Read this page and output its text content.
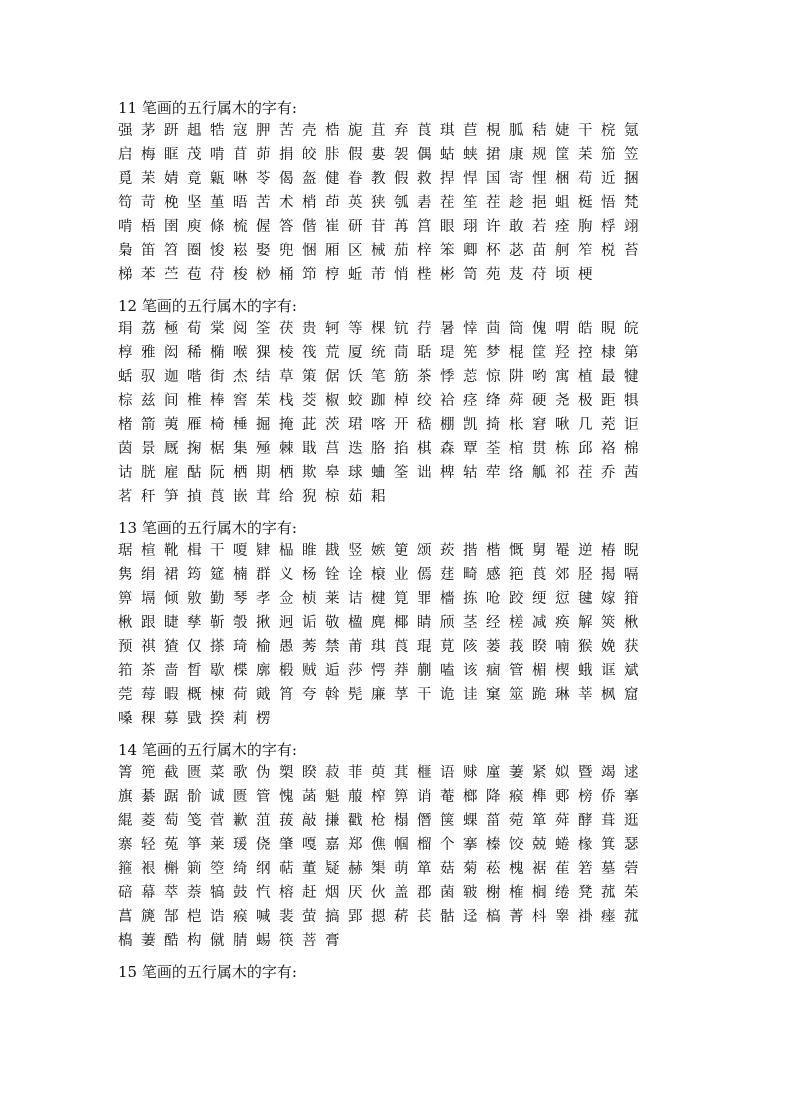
11 笔画的五行属木的字有:
强茅趼趄牿寇胛苦壳梏旎苴弃莨琪苣梘胍秸婕干梡氪
启梅眶茂啃苜茆捐皎胩假婁袈偶蛄蛱捃康规筐苿笳笠
覓苿婧竟甈啉苓偈盔健眷教假救捍悍国寄悝梱苟近捆
笱苛梚坚堇晤苦术梢茚英狭瓠砉茬笙茬趁挹蛆梃悟梵
啃梧圉庾條梳偓答偕崔研苷苒筥眼珝许敢若痊朐桴翊
梟笛笤圈悛崧娶兜悃厢区械茄梓笨卿杯苾苗舸笮棁苔
梯苯苎苞苻梭桫桶笻梈蚯芾悄梐彬笥苑芨苻顷梗
12 笔画的五行属木的字有:
琄荔極荀棠阅筌茯贵轲等棵钪荇暑悻茴筒傀喟皓睍皖
椁雅闳稀椭喉猓棱筏荒厦统茼聒瑅筅梦棍筐羟控棣第
蛞驭迦喈街杰结草策倨饫笔筋茶悸莣惊阱哟寓植最犍
棕兹间椎棒窖茱栈茭椒蛟跏棹绞袷痉绛荈硬尧极距犋
楮箭荑雁椅棰掘掩茈茨珺喀开嵇棚凯掎枨窘啾几茺讵
茵景厩掬椐集殛棘戢莒迭胳掐棋森覃荃棺贯栋邱袼棉
诂胱雇酤阮栖期栖欺皋球蛐筌诎椑轱荦络觚祁茬乔茜
茗秆笋揁莨嵌茸给猊椋茹耜
13 笔画的五行属木的字有:
琚楦靴楫干嗄肄榀睢戡竖嫉筻颂莰揩楷慨舅罨逆椿睨
隽绢裙筠筵楠群义杨铨诠榱业傿莛畸感筢莨郊胫揭嗝
箅塥倾敫勤琴孝佥桢莱诘楗筧罪檣拣呛跤绠愆毽嫁箝
楸跟睫孳靳彀揪迥诟敬楹麂椰睛颀茎经槎减痪解筴楸
预祺猹仅搽琦榆愚莠禁莆琪莨琨莧陔蒌莪睽喃猴娩获
筘茶啬晳歇楪廓椴贼逅莎愕莽蒯嗑该痼管楣楔蛾诓斌
莞莓暇概楝荷戭筲夸斡髡廉莩干诡诖窠筮跪琳莘枫窟
嗓稞募戥揆莉楞
14 笔画的五行属木的字有:
箐篼截匮菜歌伪槊睽菽菲萸萁榧语赇廑萋紧姒暨竭逑
旗綦踞骱诚匮管愧菡魁菔榨箅诮菴榔降瘊榫郠榜侨搴
緄菱萄笺菅歉菹菝敲搛戳枪榻僭箧蜾菑菀箪荈酵葺逛
寨轻菟箏莱瑗侥肇嘎嘉郑僬帼榴个搴榛饺兢蜷椽箕瑟
箍裉槲箣箜绮纲萜董疑赫榘萌箪菇菊菘槐裾萑箬墓菪
碚幕萃萘犒鼓忾榕赶烟厌伙盖郡菌皲榭榷榈绻凳菰茱
菖篪郜桤诰瘊喊裴萤搞郢摁菥苌骷迳槁菁枓睾褂瘗菰
槗萋酷构僦腈蜴筷菩膏
15 笔画的五行属木的字有:
